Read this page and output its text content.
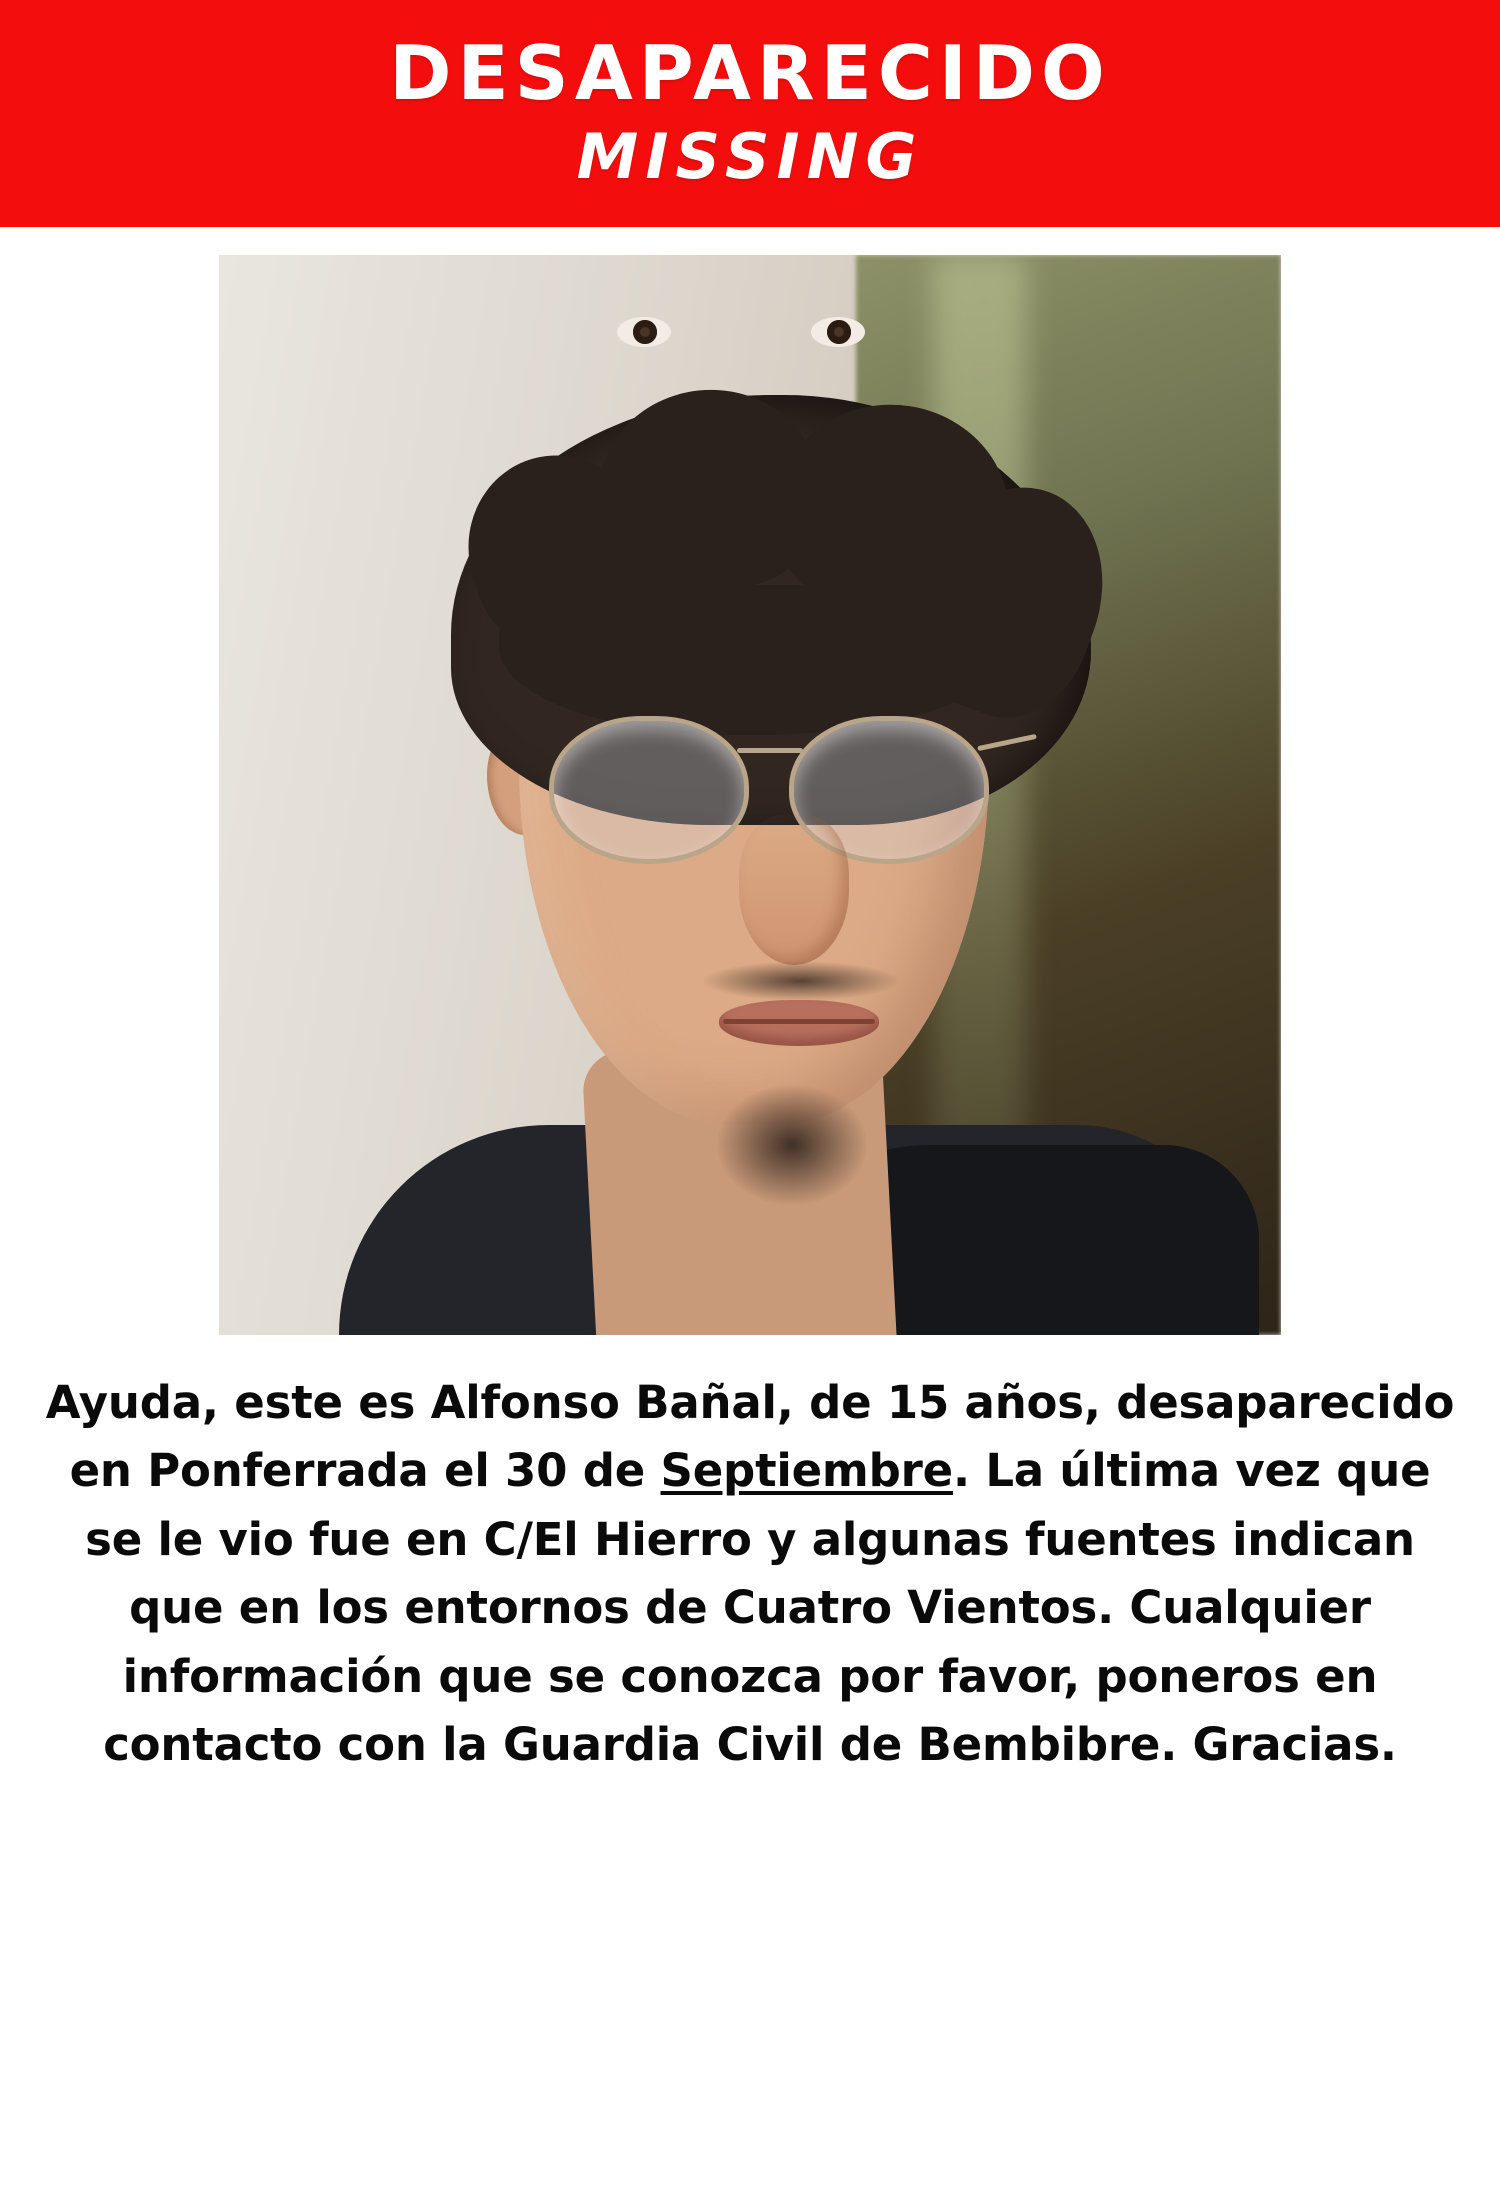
DESAPARECIDO
MISSING
Ayuda, este es Alfonso Bañal, de 15 años, desaparecido en Ponferrada el 30 de Septiembre. La última vez que se le vio fue en C/El Hierro y algunas fuentes indican que en los entornos de Cuatro Vientos. Cualquier información que se conozca por favor, poneros en contacto con la Guardia Civil de Bembibre. Gracias.
